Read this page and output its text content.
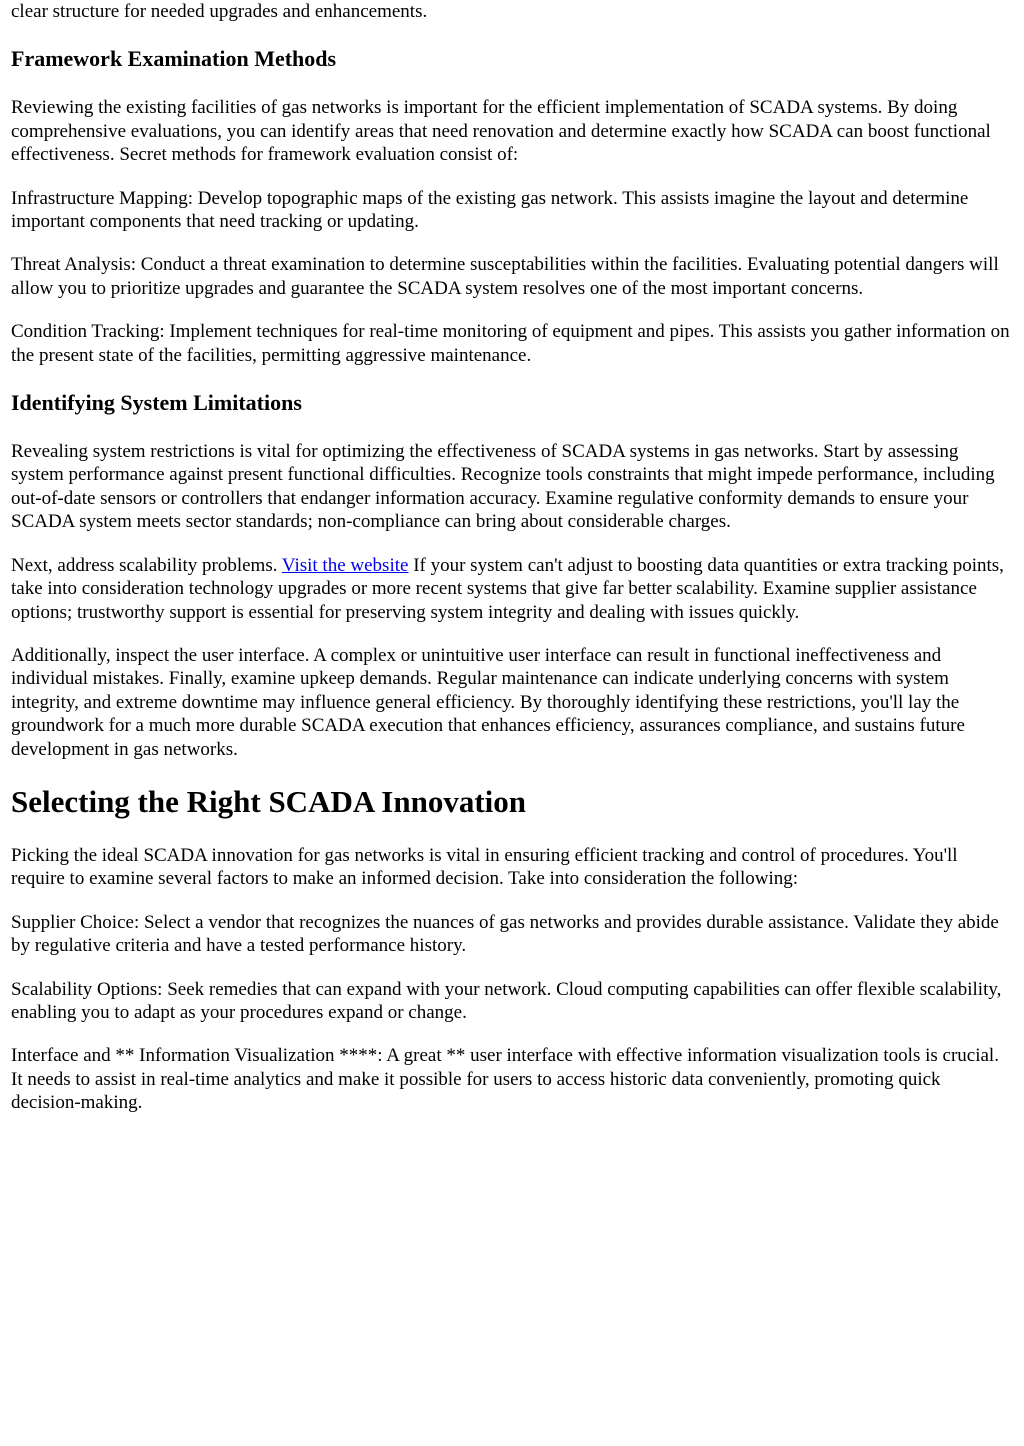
clear structure for needed upgrades and enhancements.

Framework Examination Methods

Reviewing the existing facilities of gas networks is important for the efficient implementation of SCADA systems. By doing comprehensive evaluations, you can identify areas that need renovation and determine exactly how SCADA can boost functional effectiveness. Secret methods for framework evaluation consist of:

Infrastructure Mapping: Develop topographic maps of the existing gas network. This assists imagine the layout and determine important components that need tracking or updating.

Threat Analysis: Conduct a threat examination to determine susceptabilities within the facilities. Evaluating potential dangers will allow you to prioritize upgrades and guarantee the SCADA system resolves one of the most important concerns.

Condition Tracking: Implement techniques for real-time monitoring of equipment and pipes. This assists you gather information on the present state of the facilities, permitting aggressive maintenance.

Identifying System Limitations

Revealing system restrictions is vital for optimizing the effectiveness of SCADA systems in gas networks. Start by assessing system performance against present functional difficulties. Recognize tools constraints that might impede performance, including out-of-date sensors or controllers that endanger information accuracy. Examine regulative conformity demands to ensure your SCADA system meets sector standards; non-compliance can bring about considerable charges.

Next, address scalability problems. Visit the website If your system can't adjust to boosting data quantities or extra tracking points, take into consideration technology upgrades or more recent systems that give far better scalability. Examine supplier assistance options; trustworthy support is essential for preserving system integrity and dealing with issues quickly.

Additionally, inspect the user interface. A complex or unintuitive user interface can result in functional ineffectiveness and individual mistakes. Finally, examine upkeep demands. Regular maintenance can indicate underlying concerns with system integrity, and extreme downtime may influence general efficiency. By thoroughly identifying these restrictions, you'll lay the groundwork for a much more durable SCADA execution that enhances efficiency, assurances compliance, and sustains future development in gas networks.

Selecting the Right SCADA Innovation

Picking the ideal SCADA innovation for gas networks is vital in ensuring efficient tracking and control of procedures. You'll require to examine several factors to make an informed decision. Take into consideration the following:

Supplier Choice: Select a vendor that recognizes the nuances of gas networks and provides durable assistance. Validate they abide by regulative criteria and have a tested performance history.

Scalability Options: Seek remedies that can expand with your network. Cloud computing capabilities can offer flexible scalability, enabling you to adapt as your procedures expand or change.

Interface and ** Information Visualization ****: A great ** user interface with effective information visualization tools is crucial. It needs to assist in real-time analytics and make it possible for users to access historic data conveniently, promoting quick decision-making.
